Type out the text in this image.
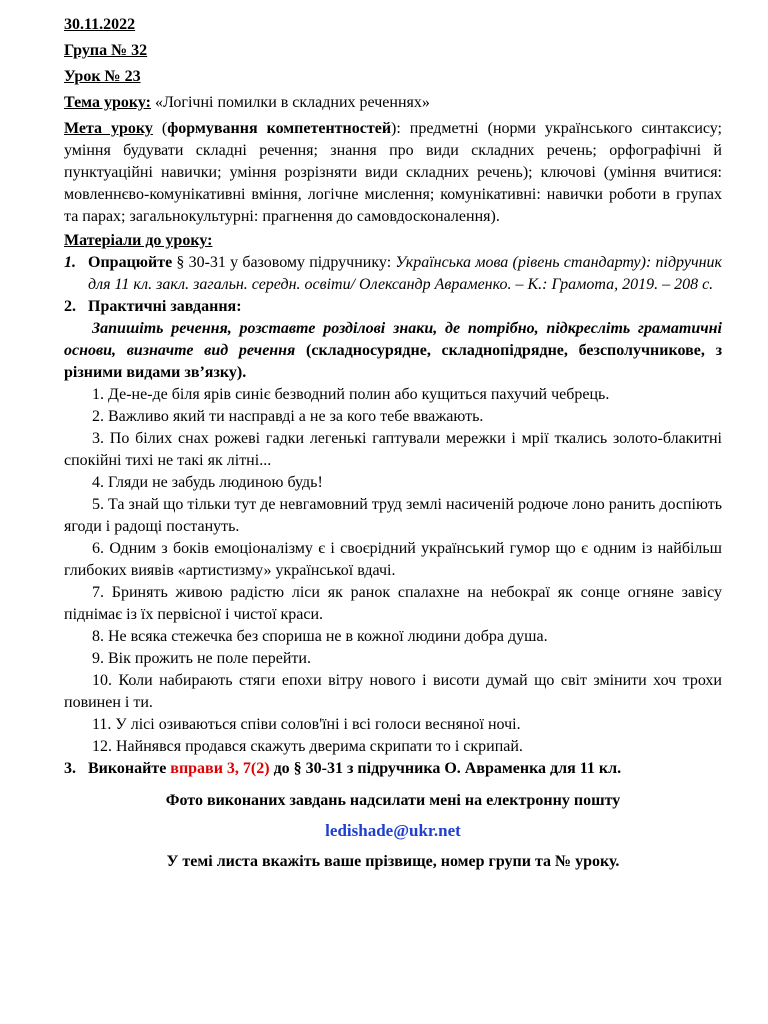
30.11.2022
Група № 32
Урок № 23
Тема уроку: «Логічні помилки в складних реченнях»
Мета уроку (формування компетентностей): предметні (норми українського синтаксису; уміння будувати складні речення; знання про види складних речень; орфографічні й пунктуаційні навички; уміння розрізняти види складних речень); ключові (уміння вчитися: мовленнєво-комунікативні вміння, логічне мислення; комунікативні: навички роботи в групах та парах; загальнокультурні: прагнення до самовдосконалення).
Матеріали до уроку:
1. Опрацюйте § 30-31 у базовому підручнику: Українська мова (рівень стандарту): підручник для 11 кл. закл. загальн. середн. освіти/ Олександр Авраменко. – К.: Грамота, 2019. – 208 с.
2. Практичні завдання:
Запишіть речення, розставте розділові знаки, де потрібно, підкресліть граматичні основи, визначте вид речення (складносурядне, складнопідрядне, безсполучникове, з різними видами зв’язку).
1. Де-не-де біля ярів синіє безводний полин або кущиться пахучий чебрець.
2. Важливо який ти насправді а не за кого тебе вважають.
3. По білих снах рожеві гадки легенькі гаптували мережки і мрії ткались золото-блакитні спокійні тихі не такі як літні...
4. Гляди не забудь людиною будь!
5. Та знай що тільки тут де невгамовний труд землі насиченій родюче лоно ранить доспіють ягоди і радощі постануть.
6. Одним з боків емоціоналізму є і своєрідний український гумор що є одним із найбільш глибоких виявів «артистизму» української вдачі.
7. Бринять живою радістю ліси як ранок спалахне на небокраї як сонце огняне завісу піднімає із їх первісної і чистої краси.
8. Не всяка стежечка без спориша не в кожної людини добра душа.
9. Вік прожить не поле перейти.
10. Коли набирають стяги епохи вітру нового і висоти думай що світ змінити хоч трохи повинен і ти.
11. У лісі озиваються співи солов'їні і всі голоси весняної ночі.
12. Найнявся продався скажуть дверима скрипати то і скрипай.
3. Виконайте вправи 3, 7(2) до § 30-31 з підручника О. Авраменка для 11 кл.
Фото виконаних завдань надсилати мені на електронну пошту
ledishade@ukr.net
У темі листа вкажіть ваше прізвище, номер групи та № уроку.
